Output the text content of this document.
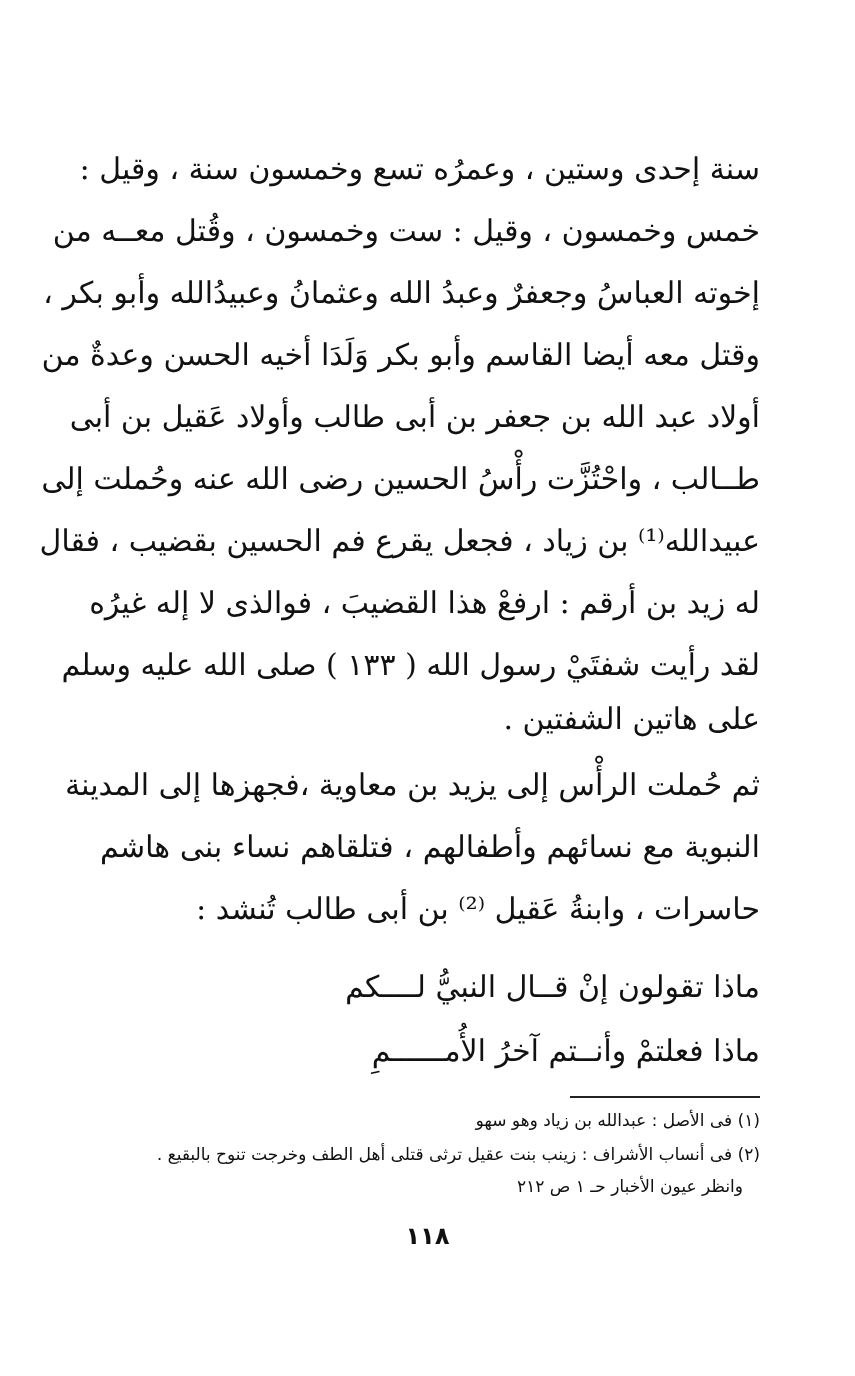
سنة إحدى وستين ، وعمرُه تسع وخمسون سنة ، وقيل :
خمس وخمسون ، وقيل : ست وخمسون ، وقُتل معــه من
إخوته العباسُ وجعفرٌ وعبدُ الله وعثمانُ وعبيدُالله وأبو بكر ،
وقتل معه أيضا القاسم وأبو بكر وَلَدَا أخيه الحسن وعدةٌ من
أولاد عبد الله بن جعفر بن أبى طالب وأولاد عَقيل بن أبى
طــالب ، واحْتُزَّت رأْسُ الحسين رضى الله عنه وحُملت إلى
عبيدالله⁽¹⁾ بن زياد ، فجعل يقرع فم الحسين بقضيب ، فقال
له زيد بن أرقم : ارفعْ هذا القضيبَ ، فوالذى لا إله غيرُه
لقد رأيت شفتَيْ رسول الله ( ١٣٣ ) صلى الله عليه وسلم
على هاتين الشفتين .
ثم حُملت الرأْس إلى يزيد بن معاوية ،فجهزها إلى المدينة
النبوية مع نسائهم وأطفالهم ، فتلقاهم نساء بنى هاشم
حاسرات ، وابنةُ عَقيل ⁽²⁾ بن أبى طالب تُنشد :
ماذا تقولون إنْ قــال النبيُّ لــــكم
ماذا فعلتمْ وأنــتم آخرُ الأُمــــــمِ
(١) فى الأصل : عبدالله بن زياد وهو سهو
(٢) فى أنساب الأشراف : زينب بنت عقيل ترثى قتلى أهل الطف وخرجت تنوح بالبقيع .
وانظر عيون الأخبار حـ ١ ص ٢١٢
١١٨
